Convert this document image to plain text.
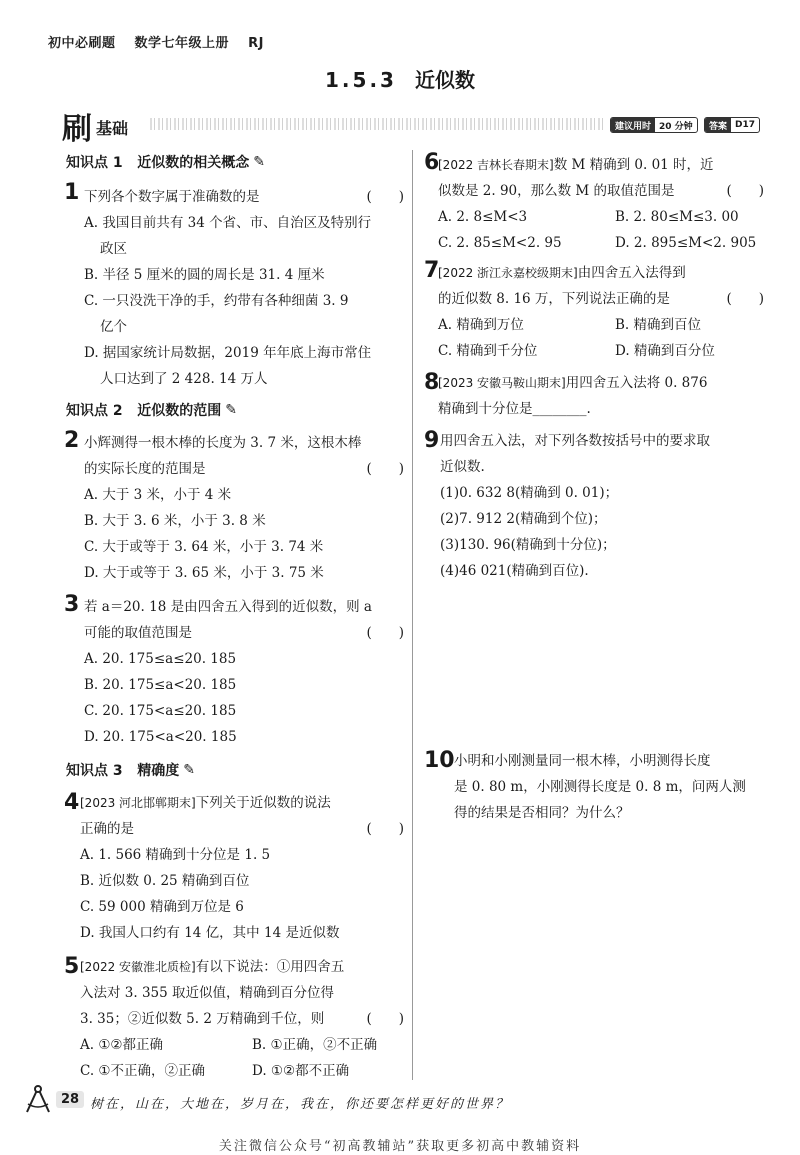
初中必刷题 数学七年级上册 RJ
1.5.3 近似数
刷 基础	建议用时 20 分钟	答案 D17
知识点 1
近似数的相关概念 ✎
1 下列各个数字属于准确数的是	(　　)
A. 我国目前共有 34 个省、市、自治区及特别行
政区
B. 半径 5 厘米的圆的周长是 31. 4 厘米
C. 一只没洗干净的手，约带有各种细菌 3. 9
亿个
D. 据国家统计局数据，2019 年年底上海市常住
人口达到了 2 428. 14 万人
知识点 2
近似数的范围 ✎
2 小辉测得一根木棒的长度为 3. 7 米，这根木棒
的实际长度的范围是	(　　)
A. 大于 3 米，小于 4 米
B. 大于 3. 6 米，小于 3. 8 米
C. 大于或等于 3. 64 米，小于 3. 74 米
D. 大于或等于 3. 65 米，小于 3. 75 米
3 若 a＝20. 18 是由四舍五入得到的近似数，则 a
可能的取值范围是	(　　)
A. 20. 175≤a≤20. 185
B. 20. 175≤a<20. 185
C. 20. 175<a≤20. 185
D. 20. 175<a<20. 185
知识点 3
精确度 ✎
4 [2023 河北邯郸期末]下列关于近似数的说法
正确的是	(　　)
A. 1. 566 精确到十分位是 1. 5
B. 近似数 0. 25 精确到百位
C. 59 000 精确到万位是 6
D. 我国人口约有 14 亿，其中 14 是近似数
5 [2022 安徽淮北质检]有以下说法：①用四舍五
入法对 3. 355 取近似值，精确到百分位得
3. 35；②近似数 5. 2 万精确到千位，则	(　　)
A. ①②都正确	B. ①正确，②不正确
C. ①不正确，②正确	D. ①②都不正确
6
[2022 吉林长春期末]数 M 精确到 0. 01 时，近
似数是 2. 90，那么数 M 的取值范围是	(　　)
A. 2. 8≤M<3	B. 2. 80≤M≤3. 00
C. 2. 85≤M<2. 95	D. 2. 895≤M<2. 905
7
[2022 浙江永嘉校级期末]由四舍五入法得到
的近似数 8. 16 万，下列说法正确的是	(　　)
A. 精确到万位	B. 精确到百位
C. 精确到千分位	D. 精确到百分位
8
[2023 安徽马鞍山期末]用四舍五入法将 0. 876
精确到十分位是________.
9 用四舍五入法，对下列各数按括号中的要求取
近似数.
(1)0. 632 8(精确到 0. 01)；
(2)7. 912 2(精确到个位)；
(3)130. 96(精确到十分位)；
(4)46 021(精确到百位).
10 小明和小刚测量同一根木棒，小明测得长度
是 0. 80 m，小刚测得长度是 0. 8 m，问两人测
得的结果是否相同？为什么？
28 树在，山在，大地在，岁月在，我在，你还要怎样更好的世界？
关注微信公众号“初高教辅站”获取更多初高中教辅资料
